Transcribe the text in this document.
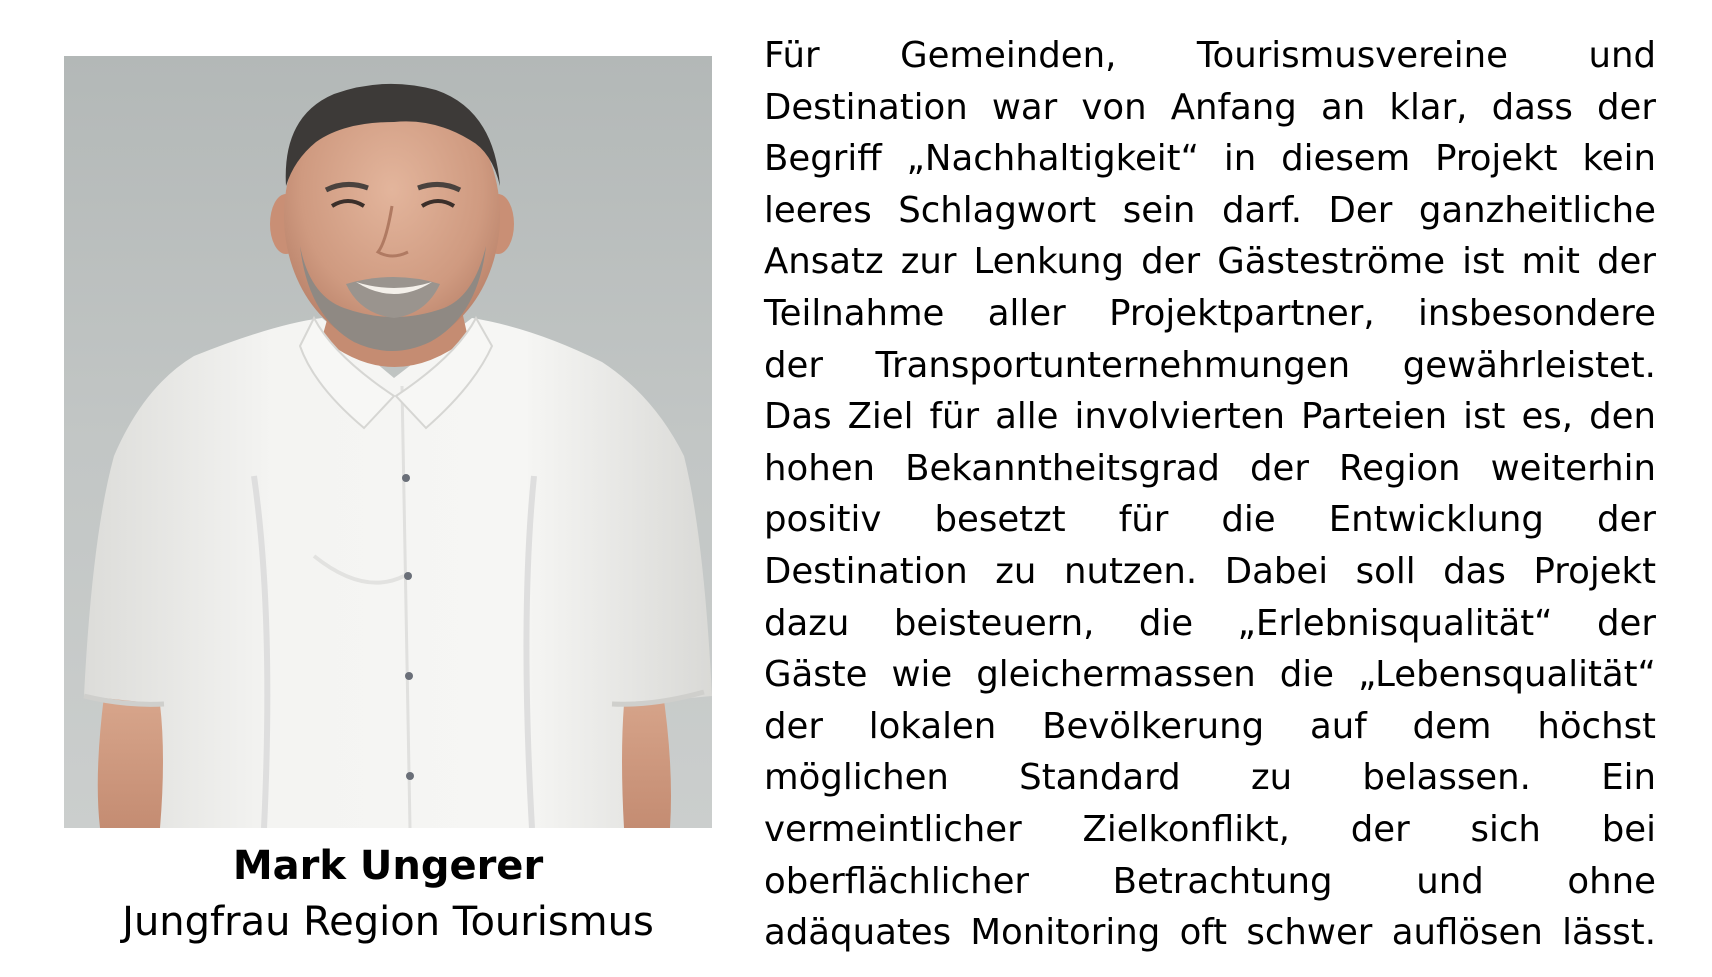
Mark Ungerer
Jungfrau Region Tourismus

Für Gemeinden, Tourismusvereine und
Destination war von Anfang an klar, dass der
Begriff „Nachhaltigkeit“ in diesem Projekt kein
leeres Schlagwort sein darf. Der ganzheitliche
Ansatz zur Lenkung der Gästeströme ist mit der
Teilnahme aller Projektpartner, insbesondere
der Transportunternehmungen gewährleistet.
Das Ziel für alle involvierten Parteien ist es, den
hohen Bekanntheitsgrad der Region weiterhin
positiv besetzt für die Entwicklung der
Destination zu nutzen. Dabei soll das Projekt
dazu beisteuern, die „Erlebnisqualität“ der
Gäste wie gleichermassen die „Lebensqualität“
der lokalen Bevölkerung auf dem höchst
möglichen Standard zu belassen. Ein
vermeintlicher Zielkonflikt, der sich bei
oberflächlicher Betrachtung und ohne
adäquates Monitoring oft schwer auflösen lässt.
